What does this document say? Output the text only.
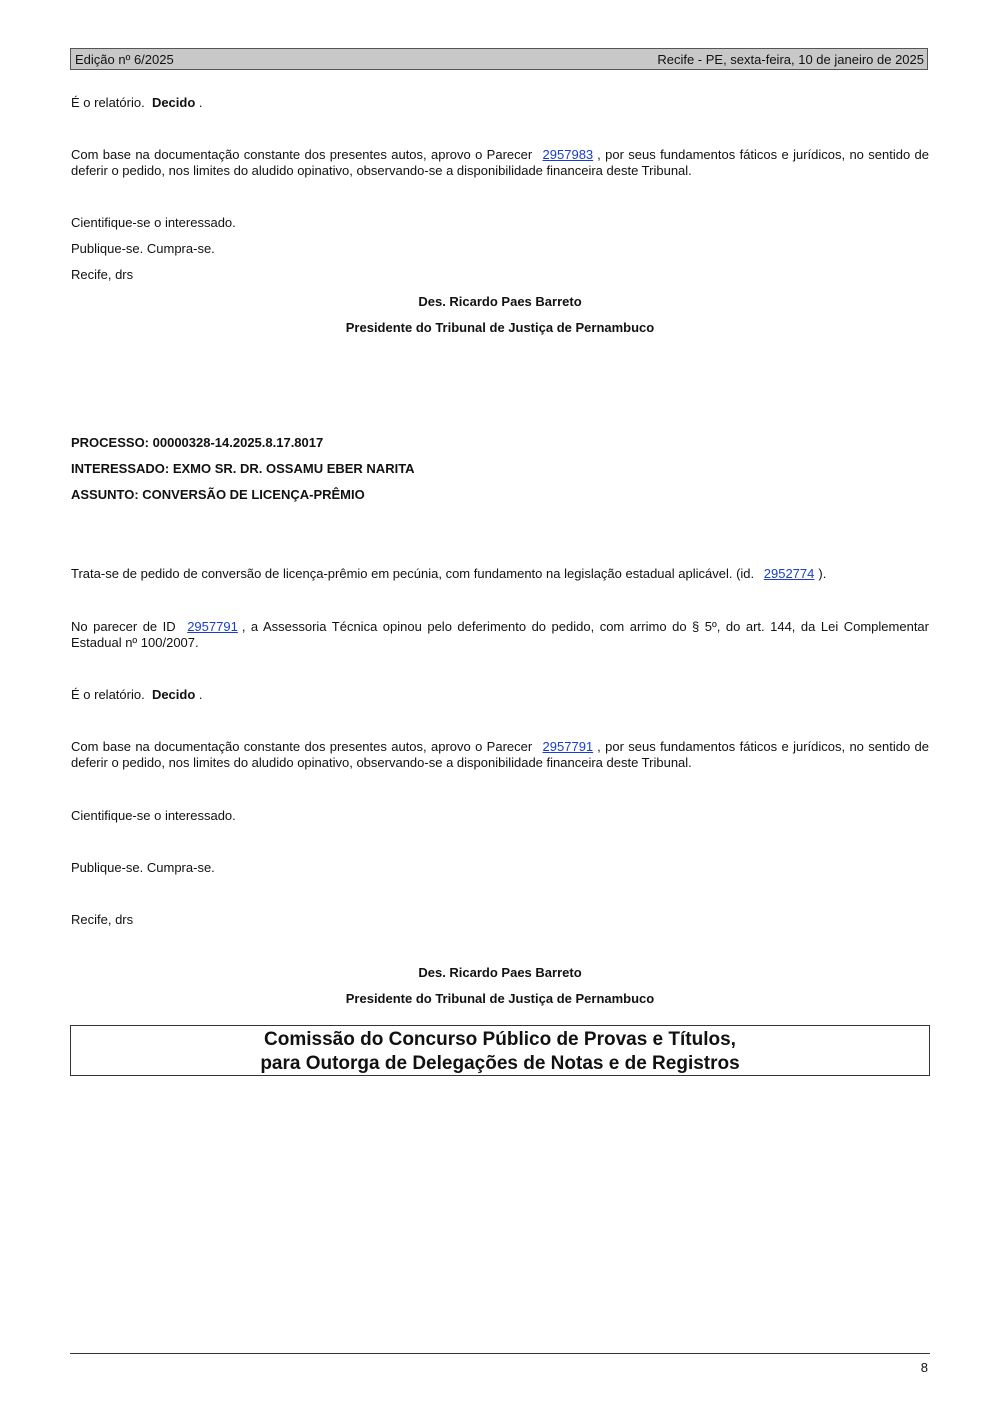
Edição nº 6/2025	Recife - PE, sexta-feira, 10 de janeiro de 2025
É o relatório. Decido .
Com base na documentação constante dos presentes autos, aprovo o Parecer 2957983 , por seus fundamentos fáticos e jurídicos, no sentido de deferir o pedido, nos limites do aludido opinativo, observando-se a disponibilidade financeira deste Tribunal.
Cientifique-se o interessado.
Publique-se. Cumpra-se.
Recife, drs
Des. Ricardo Paes Barreto
Presidente do Tribunal de Justiça de Pernambuco
PROCESSO: 00000328-14.2025.8.17.8017
INTERESSADO: EXMO SR. DR. OSSAMU EBER NARITA
ASSUNTO: CONVERSÃO DE LICENÇA-PRÊMIO
Trata-se de pedido de conversão de licença-prêmio em pecúnia, com fundamento na legislação estadual aplicável. (id. 2952774 ).
No parecer de ID 2957791 , a Assessoria Técnica opinou pelo deferimento do pedido, com arrimo do § 5º, do art. 144, da Lei Complementar Estadual nº 100/2007.
É o relatório. Decido .
Com base na documentação constante dos presentes autos, aprovo o Parecer 2957791 , por seus fundamentos fáticos e jurídicos, no sentido de deferir o pedido, nos limites do aludido opinativo, observando-se a disponibilidade financeira deste Tribunal.
Cientifique-se o interessado.
Publique-se. Cumpra-se.
Recife, drs
Des. Ricardo Paes Barreto
Presidente do Tribunal de Justiça de Pernambuco
Comissão do Concurso Público de Provas e Títulos,
para Outorga de Delegações de Notas e de Registros
8
